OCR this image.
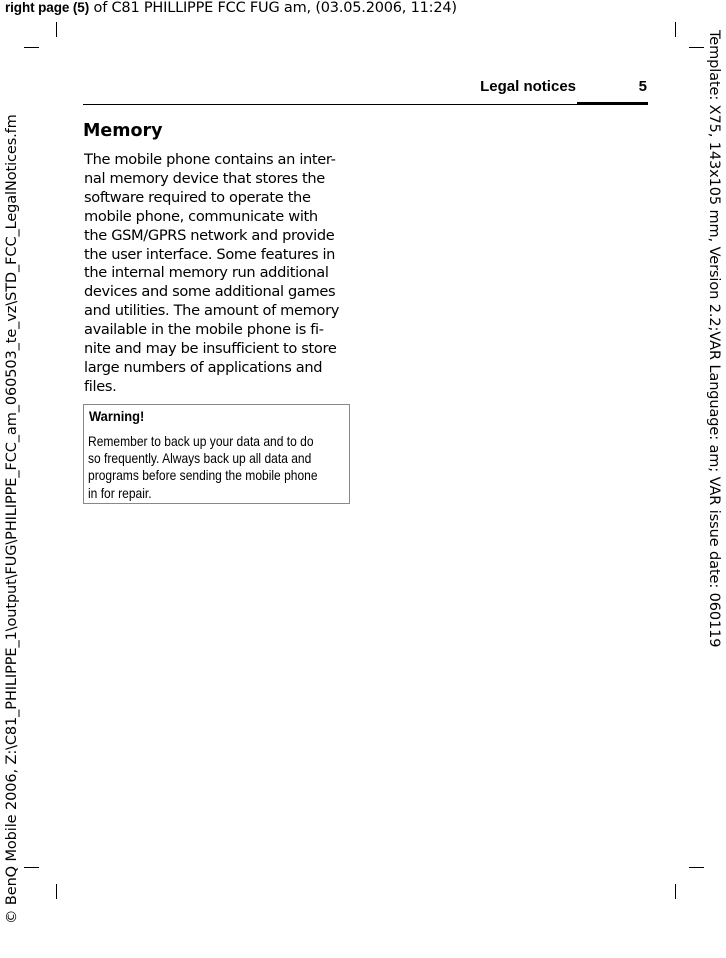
right page (5) of C81 PHILLIPPE FCC FUG am, (03.05.2006, 11:24)
© BenQ Mobile 2006, Z:\C81_PHILIPPE_1\output\FUG\PHILIPPE_FCC_am_060503_te_vz\STD_FCC_LegalNotices.fm	Template: X75, 143x105 mm, Version 2.2;VAR Language: am; VAR issue date: 060119
Legal notices	5
Memory
The mobile phone contains an inter-
nal memory device that stores the
software required to operate the
mobile phone, communicate with
the GSM/GPRS network and provide
the user interface. Some features in
the internal memory run additional
devices and some additional games
and utilities. The amount of memory
available in the mobile phone is fi-
nite and may be insufficient to store
large numbers of applications and
files.
Warning!
Remember to back up your data and to do
so frequently. Always back up all data and
programs before sending the mobile phone
in for repair.
